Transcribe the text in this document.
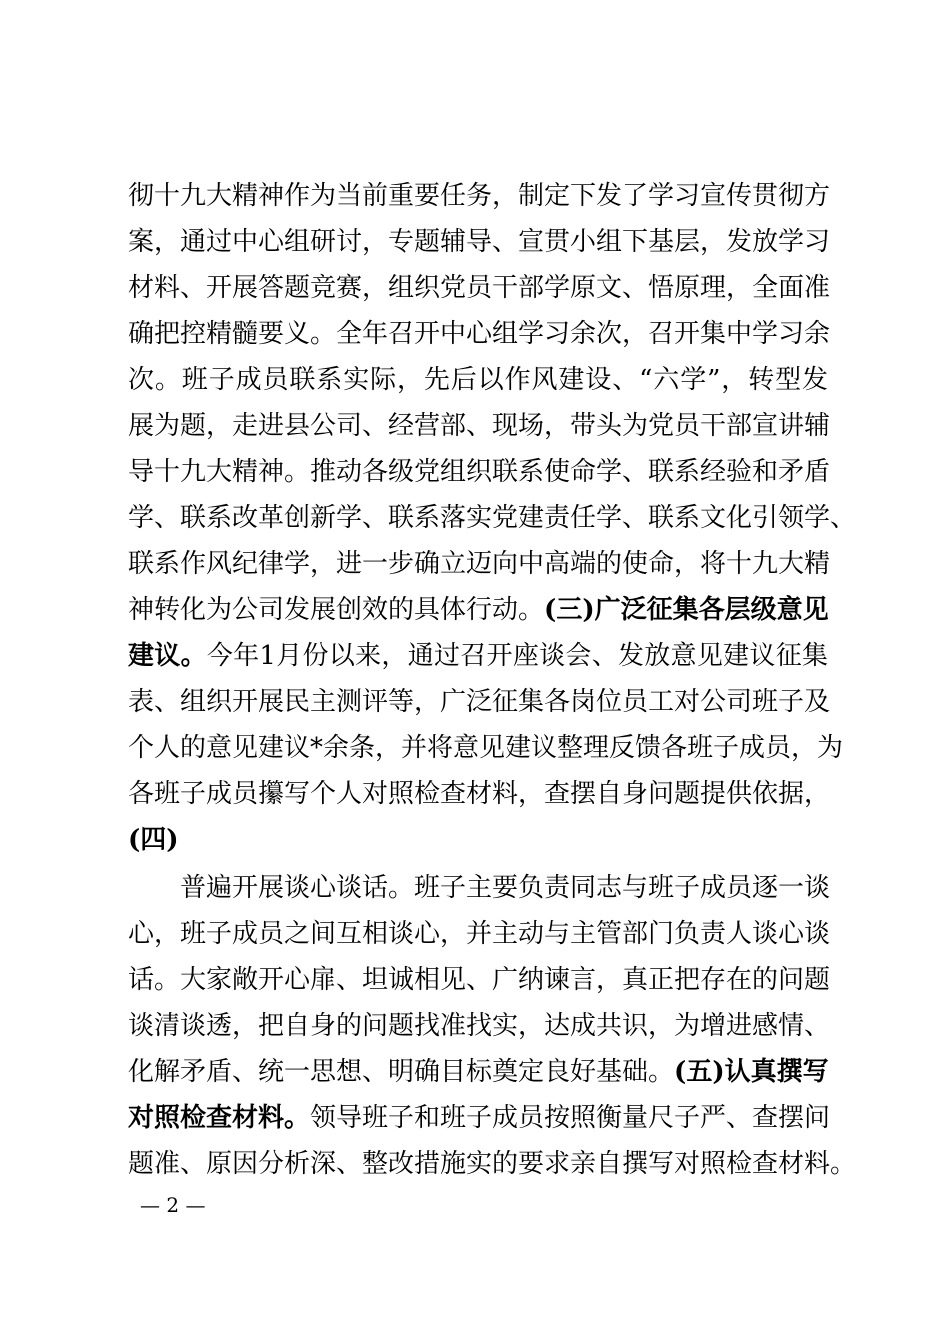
彻十九大精神作为当前重要任务，制定下发了学习宣传贯彻方
案，通过中心组研讨，专题辅导、宣贯小组下基层，发放学习
材料、开展答题竞赛，组织党员干部学原文、悟原理，全面准
确把控精髓要义。全年召开中心组学习余次，召开集中学习余
次。班子成员联系实际，先后以作风建设、“六学”，转型发
展为题，走进县公司、经营部、现场，带头为党员干部宣讲辅
导十九大精神。推动各级党组织联系使命学、联系经验和矛盾
学、联系改革创新学、联系落实党建责任学、联系文化引领学、
联系作风纪律学，进一步确立迈向中高端的使命，将十九大精
神转化为公司发展创效的具体行动。(三)广泛征集各层级意见
建议。今年1月份以来，通过召开座谈会、发放意见建议征集
表、组织开展民主测评等，广泛征集各岗位员工对公司班子及
个人的意见建议*余条，并将意见建议整理反馈各班子成员，为
各班子成员攥写个人对照检查材料，查摆自身问题提供依据，
(四)
普遍开展谈心谈话。班子主要负责同志与班子成员逐一谈
心，班子成员之间互相谈心，并主动与主管部门负责人谈心谈
话。大家敞开心扉、坦诚相见、广纳谏言，真正把存在的问题
谈清谈透，把自身的问题找准找实，达成共识，为增进感情、
化解矛盾、统一思想、明确目标奠定良好基础。(五)认真撰写
对照检查材料。领导班子和班子成员按照衡量尺子严、查摆问
题准、原因分析深、整改措施实的要求亲自撰写对照检查材料。
— 2 —
